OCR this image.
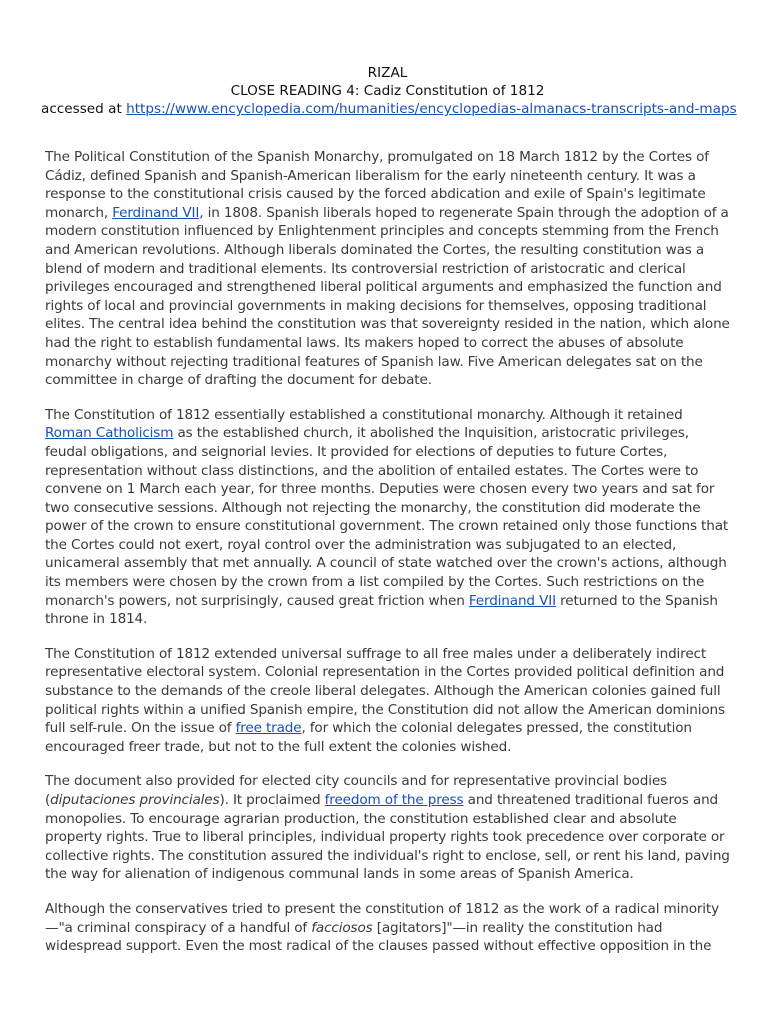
RIZAL
CLOSE READING 4: Cadiz Constitution of 1812
accessed at https://www.encyclopedia.com/humanities/encyclopedias-almanacs-transcripts-and-maps

The Political Constitution of the Spanish Monarchy, promulgated on 18 March 1812 by the Cortes of Cádiz, defined Spanish and Spanish-American liberalism for the early nineteenth century. It was a response to the constitutional crisis caused by the forced abdication and exile of Spain's legitimate monarch, Ferdinand VII, in 1808. Spanish liberals hoped to regenerate Spain through the adoption of a modern constitution influenced by Enlightenment principles and concepts stemming from the French and American revolutions. Although liberals dominated the Cortes, the resulting constitution was a blend of modern and traditional elements. Its controversial restriction of aristocratic and clerical privileges encouraged and strengthened liberal political arguments and emphasized the function and rights of local and provincial governments in making decisions for themselves, opposing traditional elites. The central idea behind the constitution was that sovereignty resided in the nation, which alone had the right to establish fundamental laws. Its makers hoped to correct the abuses of absolute monarchy without rejecting traditional features of Spanish law. Five American delegates sat on the committee in charge of drafting the document for debate.

The Constitution of 1812 essentially established a constitutional monarchy. Although it retained Roman Catholicism as the established church, it abolished the Inquisition, aristocratic privileges, feudal obligations, and seignorial levies. It provided for elections of deputies to future Cortes, representation without class distinctions, and the abolition of entailed estates. The Cortes were to convene on 1 March each year, for three months. Deputies were chosen every two years and sat for two consecutive sessions. Although not rejecting the monarchy, the constitution did moderate the power of the crown to ensure constitutional government. The crown retained only those functions that the Cortes could not exert, royal control over the administration was subjugated to an elected, unicameral assembly that met annually. A council of state watched over the crown's actions, although its members were chosen by the crown from a list compiled by the Cortes. Such restrictions on the monarch's powers, not surprisingly, caused great friction when Ferdinand VII returned to the Spanish throne in 1814.

The Constitution of 1812 extended universal suffrage to all free males under a deliberately indirect representative electoral system. Colonial representation in the Cortes provided political definition and substance to the demands of the creole liberal delegates. Although the American colonies gained full political rights within a unified Spanish empire, the Constitution did not allow the American dominions full self-rule. On the issue of free trade, for which the colonial delegates pressed, the constitution encouraged freer trade, but not to the full extent the colonies wished.

The document also provided for elected city councils and for representative provincial bodies (diputaciones provinciales). It proclaimed freedom of the press and threatened traditional fueros and monopolies. To encourage agrarian production, the constitution established clear and absolute property rights. True to liberal principles, individual property rights took precedence over corporate or collective rights. The constitution assured the individual's right to enclose, sell, or rent his land, paving the way for alienation of indigenous communal lands in some areas of Spanish America.

Although the conservatives tried to present the constitution of 1812 as the work of a radical minority —"a criminal conspiracy of a handful of facciosos [agitators]"—in reality the constitution had widespread support. Even the most radical of the clauses passed without effective opposition in the
